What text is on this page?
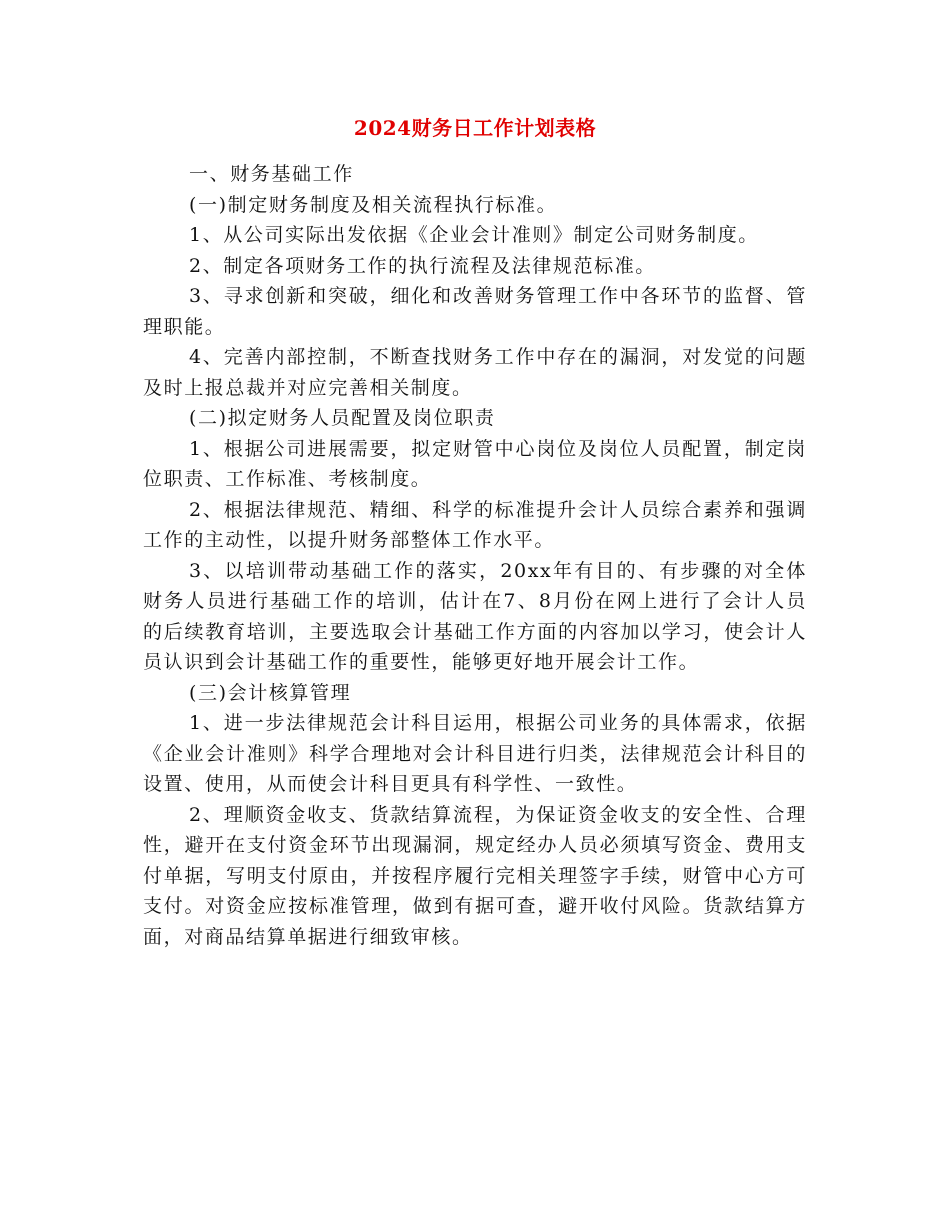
2024财务日工作计划表格

一、财务基础工作

(一)制定财务制度及相关流程执行标准。

1、从公司实际出发依据《企业会计准则》制定公司财务制度。

2、制定各项财务工作的执行流程及法律规范标准。

3、寻求创新和突破，细化和改善财务管理工作中各环节的监督、管理职能。

4、完善内部控制，不断查找财务工作中存在的漏洞，对发觉的问题及时上报总裁并对应完善相关制度。

(二)拟定财务人员配置及岗位职责

1、根据公司进展需要，拟定财管中心岗位及岗位人员配置，制定岗位职责、工作标准、考核制度。

2、根据法律规范、精细、科学的标准提升会计人员综合素养和强调工作的主动性，以提升财务部整体工作水平。

3、以培训带动基础工作的落实，20xx年有目的、有步骤的对全体财务人员进行基础工作的培训，估计在7、8月份在网上进行了会计人员的后续教育培训，主要选取会计基础工作方面的内容加以学习，使会计人员认识到会计基础工作的重要性，能够更好地开展会计工作。

(三)会计核算管理

1、进一步法律规范会计科目运用，根据公司业务的具体需求，依据《企业会计准则》科学合理地对会计科目进行归类，法律规范会计科目的设置、使用，从而使会计科目更具有科学性、一致性。

2、理顺资金收支、货款结算流程，为保证资金收支的安全性、合理性，避开在支付资金环节出现漏洞，规定经办人员必须填写资金、费用支付单据，写明支付原由，并按程序履行完相关理签字手续，财管中心方可支付。对资金应按标准管理，做到有据可查，避开收付风险。货款结算方面，对商品结算单据进行细致审核。
